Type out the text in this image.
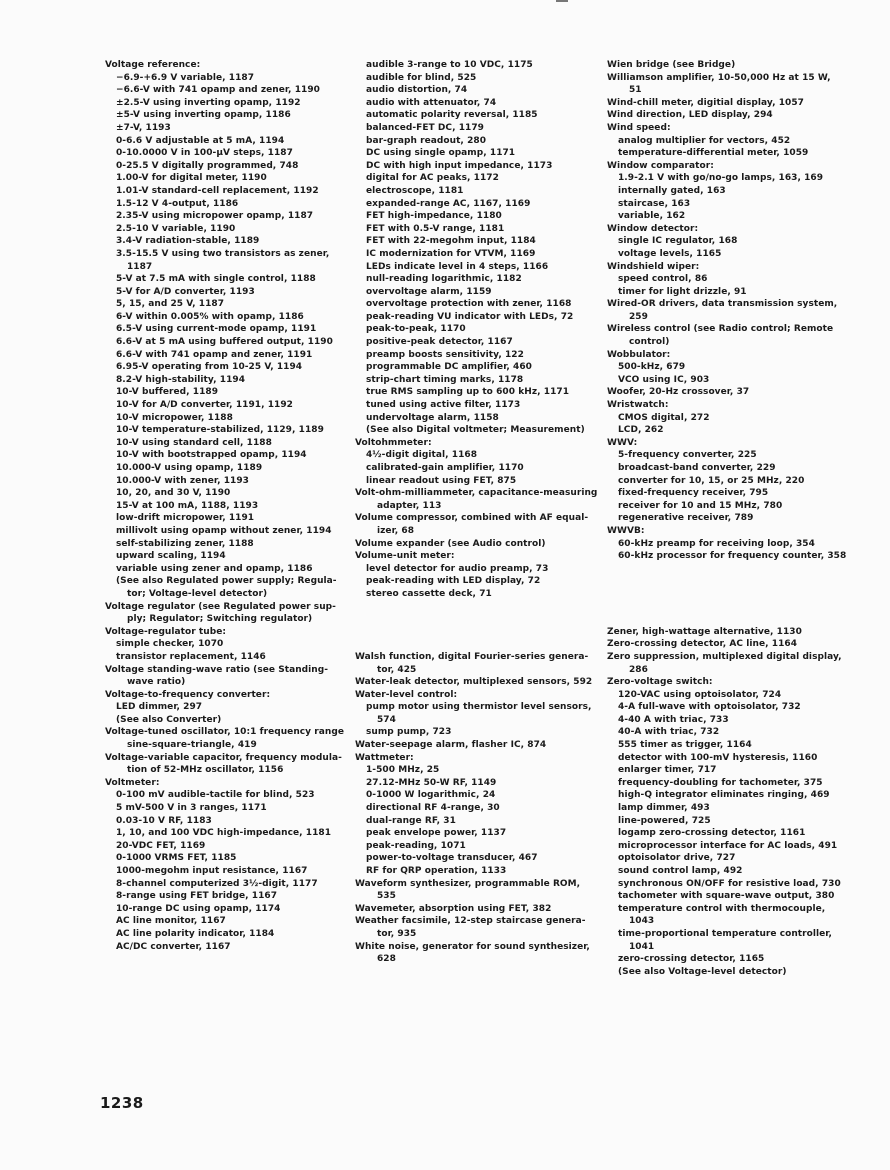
Voltage reference:
−6.9-+6.9 V variable, 1187
−6.6-V with 741 opamp and zener, 1190
±2.5-V using inverting opamp, 1192
±5-V using inverting opamp, 1186
±7-V, 1193
0-6.6 V adjustable at 5 mA, 1194
0-10.0000 V in 100-μV steps, 1187
0-25.5 V digitally programmed, 748
1.00-V for digital meter, 1190
1.01-V standard-cell replacement, 1192
1.5-12 V 4-output, 1186
2.35-V using micropower opamp, 1187
2.5-10 V variable, 1190
3.4-V radiation-stable, 1189
3.5-15.5 V using two transistors as zener,
1187
5-V at 7.5 mA with single control, 1188
5-V for A/D converter, 1193
5, 15, and 25 V, 1187
6-V within 0.005% with opamp, 1186
6.5-V using current-mode opamp, 1191
6.6-V at 5 mA using buffered output, 1190
6.6-V with 741 opamp and zener, 1191
6.95-V operating from 10-25 V, 1194
8.2-V high-stability, 1194
10-V buffered, 1189
10-V for A/D converter, 1191, 1192
10-V micropower, 1188
10-V temperature-stabilized, 1129, 1189
10-V using standard cell, 1188
10-V with bootstrapped opamp, 1194
10.000-V using opamp, 1189
10.000-V with zener, 1193
10, 20, and 30 V, 1190
15-V at 100 mA, 1188, 1193
low-drift micropower, 1191
millivolt using opamp without zener, 1194
self-stabilizing zener, 1188
upward scaling, 1194
variable using zener and opamp, 1186
(See also Regulated power supply; Regula-
tor; Voltage-level detector)
Voltage regulator (see Regulated power sup-
ply; Regulator; Switching regulator)
Voltage-regulator tube:
simple checker, 1070
transistor replacement, 1146
Voltage standing-wave ratio (see Standing-
wave ratio)
Voltage-to-frequency converter:
LED dimmer, 297
(See also Converter)
Voltage-tuned oscillator, 10:1 frequency range
sine-square-triangle, 419
Voltage-variable capacitor, frequency modula-
tion of 52-MHz oscillator, 1156
Voltmeter:
0-100 mV audible-tactile for blind, 523
5 mV-500 V in 3 ranges, 1171
0.03-10 V RF, 1183
1, 10, and 100 VDC high-impedance, 1181
20-VDC FET, 1169
0-1000 VRMS FET, 1185
1000-megohm input resistance, 1167
8-channel computerized 3½-digit, 1177
8-range using FET bridge, 1167
10-range DC using opamp, 1174
AC line monitor, 1167
AC line polarity indicator, 1184
AC/DC converter, 1167
audible 3-range to 10 VDC, 1175
audible for blind, 525
audio distortion, 74
audio with attenuator, 74
automatic polarity reversal, 1185
balanced-FET DC, 1179
bar-graph readout, 280
DC using single opamp, 1171
DC with high input impedance, 1173
digital for AC peaks, 1172
electroscope, 1181
expanded-range AC, 1167, 1169
FET high-impedance, 1180
FET with 0.5-V range, 1181
FET with 22-megohm input, 1184
IC modernization for VTVM, 1169
LEDs indicate level in 4 steps, 1166
null-reading logarithmic, 1182
overvoltage alarm, 1159
overvoltage protection with zener, 1168
peak-reading VU indicator with LEDs, 72
peak-to-peak, 1170
positive-peak detector, 1167
preamp boosts sensitivity, 122
programmable DC amplifier, 460
strip-chart timing marks, 1178
true RMS sampling up to 600 kHz, 1171
tuned using active filter, 1173
undervoltage alarm, 1158
(See also Digital voltmeter; Measurement)
Voltohmmeter:
4½-digit digital, 1168
calibrated-gain amplifier, 1170
linear readout using FET, 875
Volt-ohm-milliammeter, capacitance-measuring
adapter, 113
Volume compressor, combined with AF equal-
izer, 68
Volume expander (see Audio control)
Volume-unit meter:
level detector for audio preamp, 73
peak-reading with LED display, 72
stereo cassette deck, 71
Walsh function, digital Fourier-series genera-
tor, 425
Water-leak detector, multiplexed sensors, 592
Water-level control:
pump motor using thermistor level sensors,
574
sump pump, 723
Water-seepage alarm, flasher IC, 874
Wattmeter:
1-500 MHz, 25
27.12-MHz 50-W RF, 1149
0-1000 W logarithmic, 24
directional RF 4-range, 30
dual-range RF, 31
peak envelope power, 1137
peak-reading, 1071
power-to-voltage transducer, 467
RF for QRP operation, 1133
Waveform synthesizer, programmable ROM,
535
Wavemeter, absorption using FET, 382
Weather facsimile, 12-step staircase genera-
tor, 935
White noise, generator for sound synthesizer,
628
Wien bridge (see Bridge)
Williamson amplifier, 10-50,000 Hz at 15 W,
51
Wind-chill meter, digitial display, 1057
Wind direction, LED display, 294
Wind speed:
analog multiplier for vectors, 452
temperature-differential meter, 1059
Window comparator:
1.9-2.1 V with go/no-go lamps, 163, 169
internally gated, 163
staircase, 163
variable, 162
Window detector:
single IC regulator, 168
voltage levels, 1165
Windshield wiper:
speed control, 86
timer for light drizzle, 91
Wired-OR drivers, data transmission system,
259
Wireless control (see Radio control; Remote
control)
Wobbulator:
500-kHz, 679
VCO using IC, 903
Woofer, 20-Hz crossover, 37
Wristwatch:
CMOS digital, 272
LCD, 262
WWV:
5-frequency converter, 225
broadcast-band converter, 229
converter for 10, 15, or 25 MHz, 220
fixed-frequency receiver, 795
receiver for 10 and 15 MHz, 780
regenerative receiver, 789
WWVB:
60-kHz preamp for receiving loop, 354
60-kHz processor for frequency counter, 358
Zener, high-wattage alternative, 1130
Zero-crossing detector, AC line, 1164
Zero suppression, multiplexed digital display,
286
Zero-voltage switch:
120-VAC using optoisolator, 724
4-A full-wave with optoisolator, 732
4-40 A with triac, 733
40-A with triac, 732
555 timer as trigger, 1164
detector with 100-mV hysteresis, 1160
enlarger timer, 717
frequency-doubling for tachometer, 375
high-Q integrator eliminates ringing, 469
lamp dimmer, 493
line-powered, 725
logamp zero-crossing detector, 1161
microprocessor interface for AC loads, 491
optoisolator drive, 727
sound control lamp, 492
synchronous ON/OFF for resistive load, 730
tachometer with square-wave output, 380
temperature control with thermocouple,
1043
time-proportional temperature controller,
1041
zero-crossing detector, 1165
(See also Voltage-level detector)
1238
